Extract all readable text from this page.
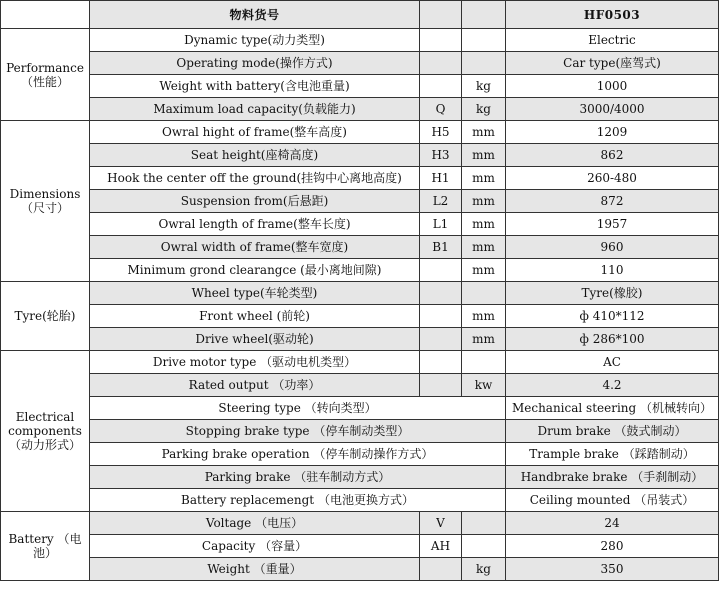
	物料货号			HF0503
Performance（性能）	Dynamic type(动力类型)			Electric
	Operating mode(操作方式)			Car type(座驾式)
	Weight with battery(含电池重量)		kg	1000
	Maximum load capacity(负载能力)	Q	kg	3000/4000
Dimensions（尺寸）	Owral hight of frame(整车高度)	H5	mm	1209
	Seat height(座椅高度)	H3	mm	862
	Hook the center off the ground(挂钩中心离地高度)	H1	mm	260-480
	Suspension from(后悬距)	L2	mm	872
	Owral length of frame(整车长度)	L1	mm	1957
	Owral width of frame(整车宽度)	B1	mm	960
	Minimum grond clearangce (最小离地间隙)		mm	110
Tyre(轮胎)	Wheel type(车轮类型)			Tyre(橡胶)
	Front wheel (前轮)		mm	ф 410*112
	Drive wheel(驱动轮)		mm	ф 286*100
Electrical components （动力形式）	Drive motor type （驱动电机类型）			AC
	Rated output （功率）		kw	4.2
	Steering type （转向类型）			Mechanical steering （机械转向）
	Stopping brake type （停车制动类型）			Drum brake （鼓式制动）
	Parking brake operation （停车制动操作方式）			Trample brake （踩踏制动）
	Parking brake （驻车制动方式）			Handbrake brake （手刹制动）
	Battery replacemengt （电池更换方式）			Ceiling mounted （吊装式）
Battery （电池）	Voltage （电压）	V		24
	Capacity （容量）	AH		280
	Weight （重量）		kg	350
